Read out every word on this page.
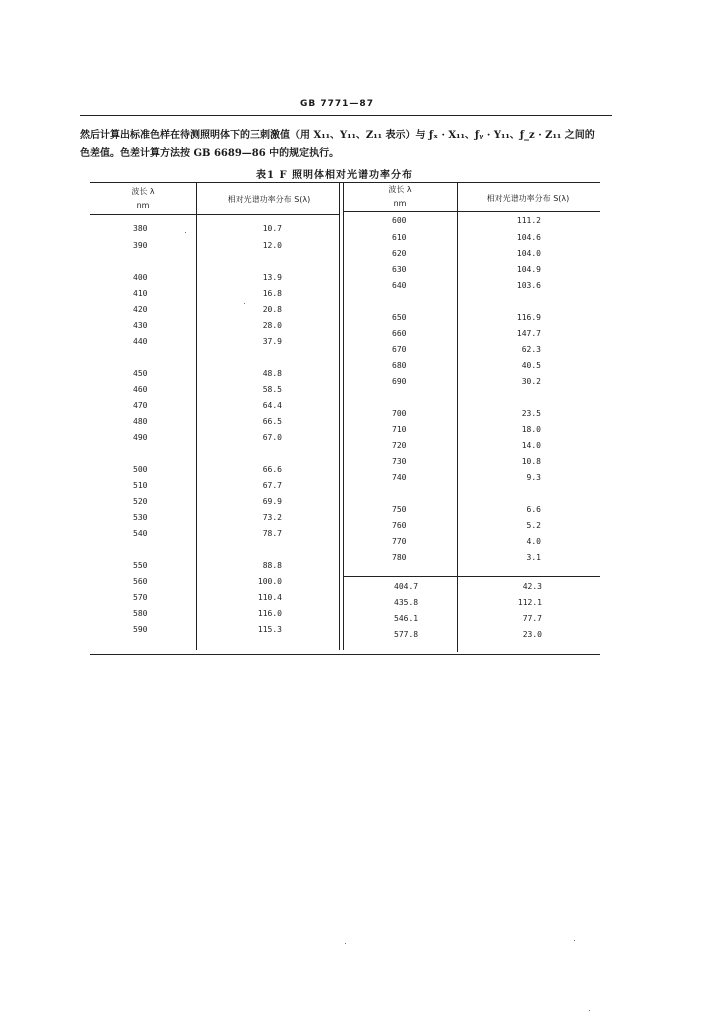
GB 7771—87
然后计算出标准色样在待测照明体下的三刺激值（用 X₁₁、Y₁₁、Z₁₁ 表示）与 ƒₓ · X₁₁、ƒᵧ · Y₁₁、ƒ_z · Z₁₁ 之间的
色差值。色差计算方法按 GB 6689—86 中的规定执行。
表1 F 照明体相对光谱功率分布
波长 λ
nm
相对光谱功率分布 S(λ)
波长 λ
nm
相对光谱功率分布 S(λ)
380	10.7
390	12.0
400	13.9
410	16.8
420	20.8
430	28.0
440	37.9
450	48.8
460	58.5
470	64.4
480	66.5
490	67.0
500	66.6
510	67.7
520	69.9
530	73.2
540	78.7
550	88.8
560	100.0
570	110.4
580	116.0
590	115.3
600	111.2
610	104.6
620	104.0
630	104.9
640	103.6
650	116.9
660	147.7
670	62.3
680	40.5
690	30.2
700	23.5
710	18.0
720	14.0
730	10.8
740	9.3
750	6.6
760	5.2
770	4.0
780	3.1
404.7	42.3
435.8	112.1
546.1	77.7
577.8	23.0
